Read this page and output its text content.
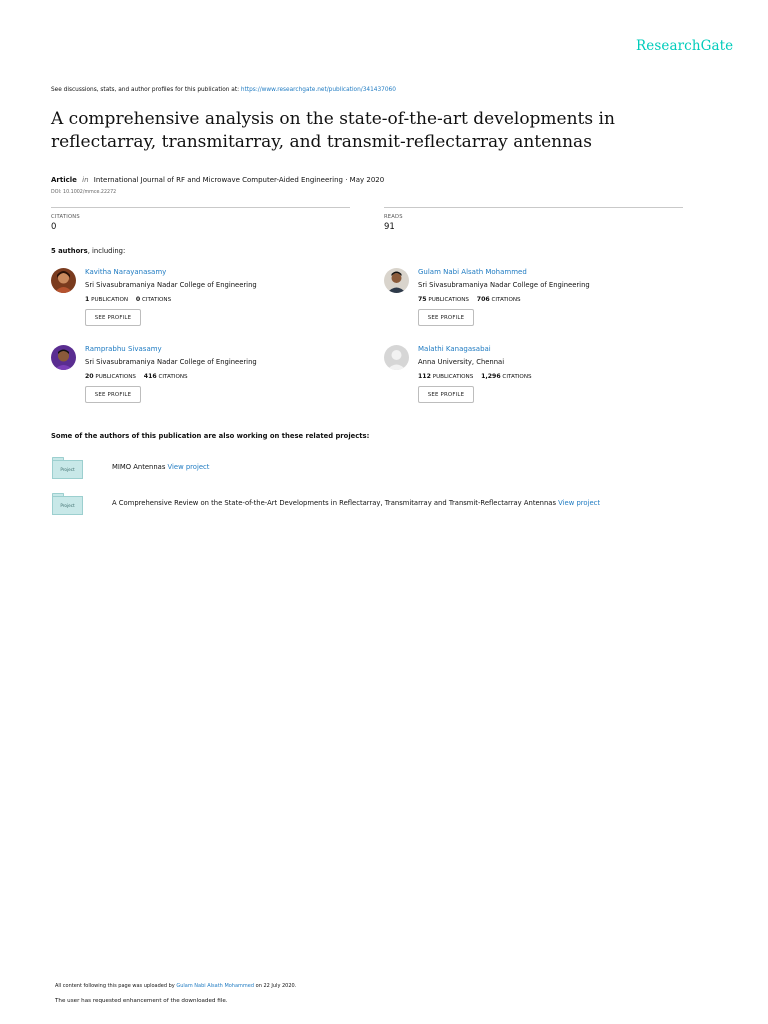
ResearchGate
See discussions, stats, and author profiles for this publication at: https://www.researchgate.net/publication/341437060
A comprehensive analysis on the state-of-the-art developments in reflectarray, transmitarray, and transmit-reflectarray antennas
Article in International Journal of RF and Microwave Computer-Aided Engineering · May 2020
DOI: 10.1002/mmce.22272
CITATIONS
0
READS
91
5 authors, including:
Kavitha Narayanasamy
Sri Sivasubramaniya Nadar College of Engineering
1 PUBLICATION 0 CITATIONS
SEE PROFILE
Gulam Nabi Alsath Mohammed
Sri Sivasubramaniya Nadar College of Engineering
75 PUBLICATIONS 706 CITATIONS
SEE PROFILE
Ramprabhu Sivasamy
Sri Sivasubramaniya Nadar College of Engineering
20 PUBLICATIONS 416 CITATIONS
SEE PROFILE
Malathi Kanagasabai
Anna University, Chennai
112 PUBLICATIONS 1,296 CITATIONS
SEE PROFILE
Some of the authors of this publication are also working on these related projects:
Project	MIMO Antennas View project
Project	A Comprehensive Review on the State-of-the-Art Developments in Reflectarray, Transmitarray and Transmit-Reflectarray Antennas View project
All content following this page was uploaded by Gulam Nabi Alsath Mohammed on 22 July 2020.
The user has requested enhancement of the downloaded file.
